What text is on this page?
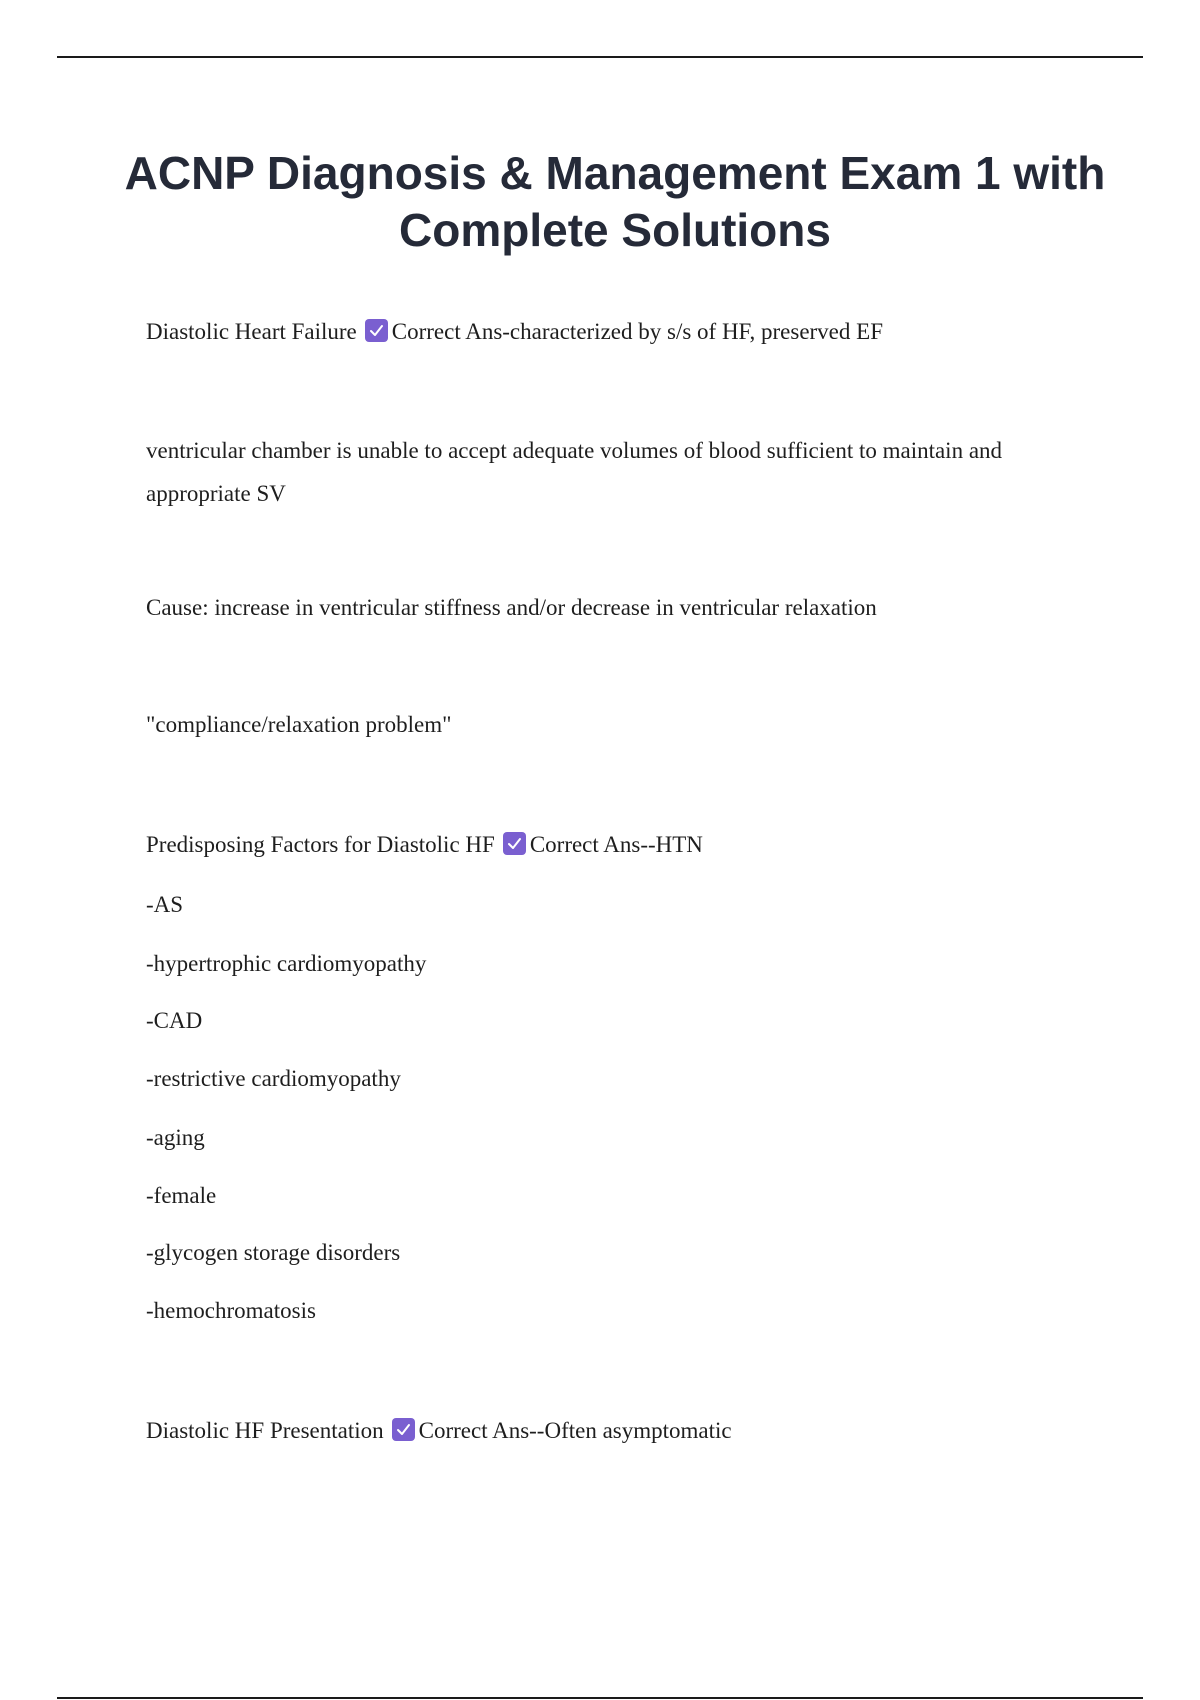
ACNP Diagnosis & Management Exam 1 with Complete Solutions
Diastolic Heart Failure Correct Ans-characterized by s/s of HF, preserved EF
ventricular chamber is unable to accept adequate volumes of blood sufficient to maintain and appropriate SV
Cause: increase in ventricular stiffness and/or decrease in ventricular relaxation
"compliance/relaxation problem"
Predisposing Factors for Diastolic HF Correct Ans--HTN
-AS
-hypertrophic cardiomyopathy
-CAD
-restrictive cardiomyopathy
-aging
-female
-glycogen storage disorders
-hemochromatosis
Diastolic HF Presentation Correct Ans--Often asymptomatic
